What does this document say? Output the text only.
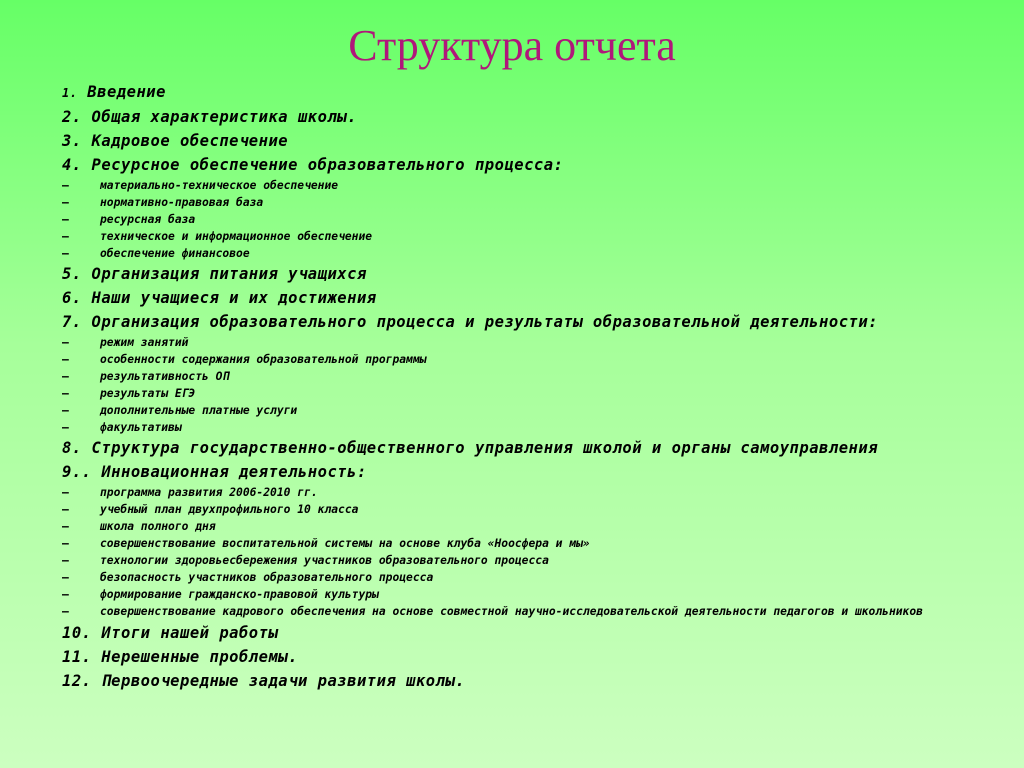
Структура отчета
1. Введение
2. Общая характеристика школы.
3. Кадровое обеспечение
4. Ресурсное обеспечение образовательного процесса:
–	материально-техническое обеспечение
–	нормативно-правовая база
–	ресурсная база
–	техническое и информационное обеспечение
–	обеспечение финансовое
5. Организация питания учащихся
6. Наши учащиеся и их достижения
7. Организация образовательного процесса и результаты образовательной деятельности:
–	режим занятий
–	особенности содержания образовательной программы
–	результативность ОП
–	результаты ЕГЭ
–	дополнительные платные услуги
–	факультативы
8. Структура государственно-общественного управления школой и органы самоуправления
9.. Инновационная деятельность:
–	программа развития 2006-2010 гг.
–	учебный план двухпрофильного 10 класса
–	школа полного дня
–	совершенствование воспитательной системы на основе клуба «Ноосфера и мы»
–	технологии здоровьесбережения участников образовательного процесса
–	безопасность участников образовательного процесса
–	формирование гражданско-правовой культуры
–	совершенствование кадрового обеспечения на основе совместной научно-исследовательской деятельности педагогов и школьников
10. Итоги нашей работы
11. Нерешенные проблемы.
12. Первоочередные задачи развития школы.
